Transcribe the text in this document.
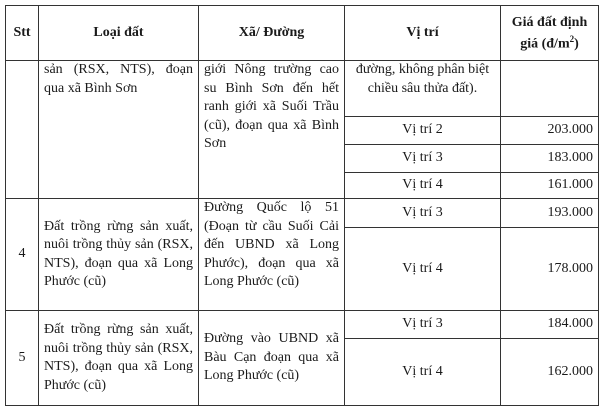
Stt	Loại đất	Xã/ Đường	Vị trí	Giá đất định giá $(đ/m^2)$
	sản (RSX, NTS), đoạn qua xã Bình Sơn	giới Nông trường cao su Bình Sơn đến hết ranh giới xã Suối Trầu (cũ), đoạn qua xã Bình Sơn	đường, không phân biệt chiều sâu thửa đất).	
			Vị trí 2	203.000
			Vị trí 3	183.000
			Vị trí 4	161.000
4	Đất trồng rừng sản xuất, nuôi trồng thủy sản (RSX, NTS), đoạn qua xã Long Phước (cũ)	Đường Quốc lộ 51 (Đoạn từ cầu Suối Cải đến UBND xã Long Phước), đoạn qua xã Long Phước (cũ)	Vị trí 3	193.000
			Vị trí 4	178.000
5	Đất trồng rừng sản xuất, nuôi trồng thủy sản (RSX, NTS), đoạn qua xã Long Phước (cũ)	Đường vào UBND xã Bàu Cạn đoạn qua xã Long Phước (cũ)	Vị trí 3	184.000
			Vị trí 4	162.000
